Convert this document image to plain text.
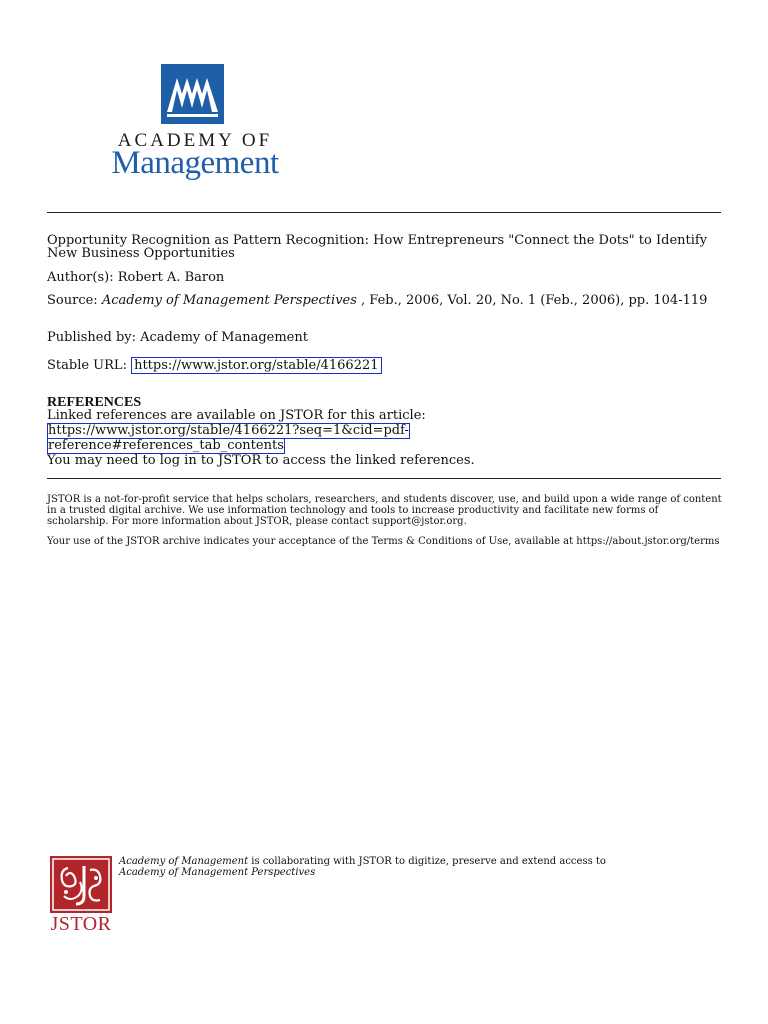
ACADEMY OF
Management
Opportunity Recognition as Pattern Recognition: How Entrepreneurs "Connect the Dots" to Identify New Business Opportunities
Author(s): Robert A. Baron
Source: Academy of Management Perspectives , Feb., 2006, Vol. 20, No. 1 (Feb., 2006), pp. 104-119
Published by: Academy of Management
Stable URL: https://www.jstor.org/stable/4166221
REFERENCES
Linked references are available on JSTOR for this article:
https://www.jstor.org/stable/4166221?seq=1&cid=pdf-
reference#references_tab_contents
You may need to log in to JSTOR to access the linked references.
JSTOR is a not-for-profit service that helps scholars, researchers, and students discover, use, and build upon a wide range of content in a trusted digital archive. We use information technology and tools to increase productivity and facilitate new forms of scholarship. For more information about JSTOR, please contact support@jstor.org.
Your use of the JSTOR archive indicates your acceptance of the Terms & Conditions of Use, available at https://about.jstor.org/terms
JSTOR
Academy of Management is collaborating with JSTOR to digitize, preserve and extend access to
Academy of Management Perspectives
